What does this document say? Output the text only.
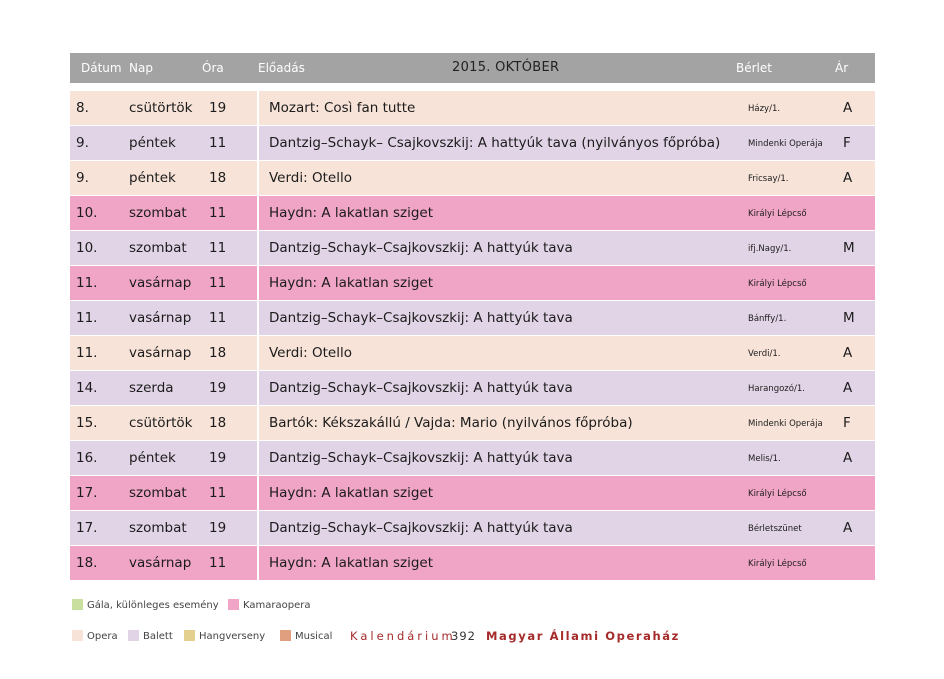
Dátum Nap	Óra	Előadás	2015. OKTÓBER	Bérlet	Ár
8.	csütörtök 19	Mozart: Così fan tutte	Házy/1.	A
9.	péntek 11	Dantzig–Schayk– Csajkovszkij: A hattyúk tava (nyilványos főpróba)	Mindenki Operája F
9.	péntek 18	Verdi: Otello	Fricsay/1.	A
10. szombat 11	Haydn: A lakatlan sziget	Királyi Lépcső
10. szombat 11	Dantzig–Schayk–Csajkovszkij: A hattyúk tava	ifj.Nagy/1.	M
11. vasárnap 11	Haydn: A lakatlan sziget	Királyi Lépcső
11. vasárnap 11	Dantzig–Schayk–Csajkovszkij: A hattyúk tava	Bánffy/1.	M
11. vasárnap 18	Verdi: Otello	Verdi/1.	A
14. szerda	19	Dantzig–Schayk–Csajkovszkij: A hattyúk tava	Harangozó/1.	A
15. csütörtök 18	Bartók: Kékszakállú / Vajda: Mario (nyilvános főpróba)	Mindenki Operája F
16. péntek 19	Dantzig–Schayk–Csajkovszkij: A hattyúk tava	Melis/1.	A
17. szombat 11	Haydn: A lakatlan sziget	Királyi Lépcső
17. szombat 19	Dantzig–Schayk–Csajkovszkij: A hattyúk tava	Bérletszünet	A
18. vasárnap 11	Haydn: A lakatlan sziget	Királyi Lépcső
Gála, különleges esemény	Kamaraopera
Opera	Balett	Hangverseny	Musical Kalendárium
392 Magyar Állami Operaház
